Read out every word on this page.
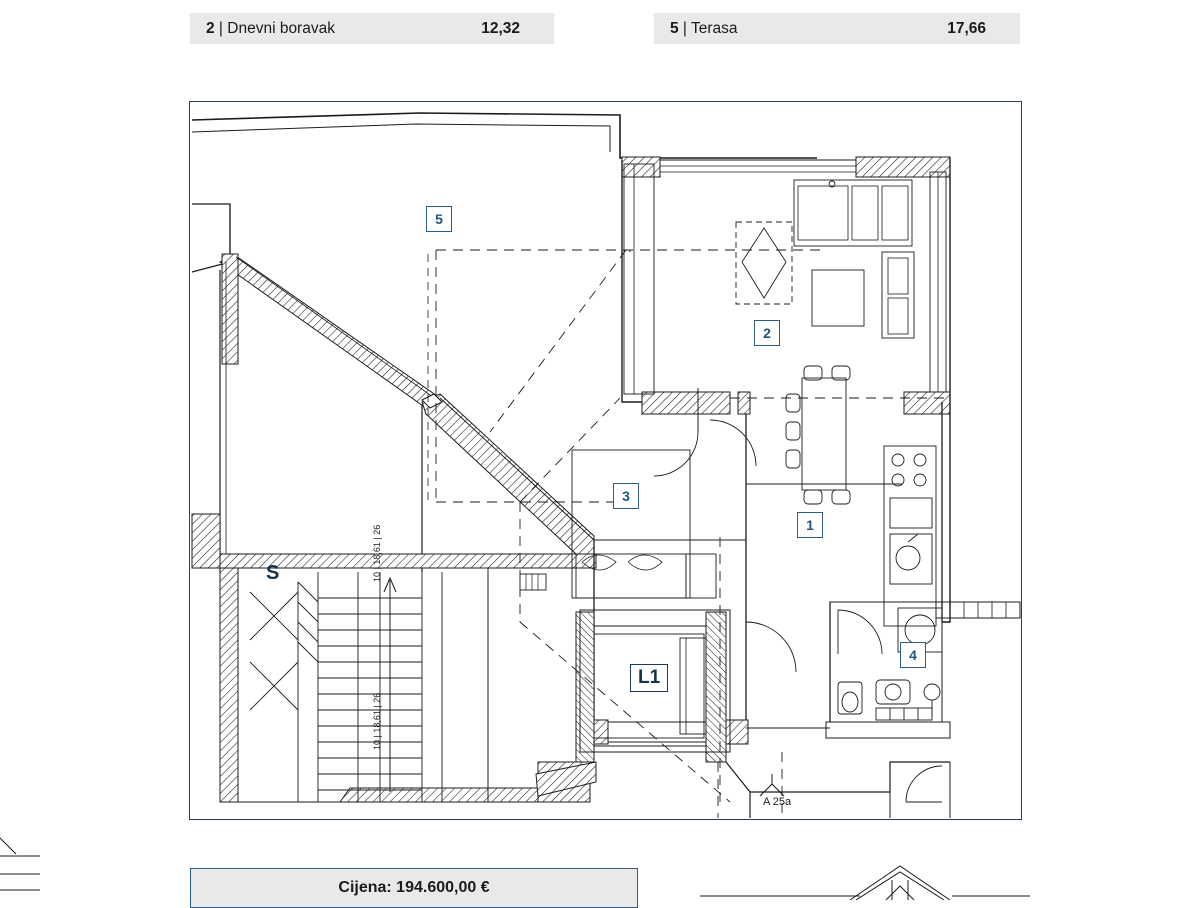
2 | Dnevni boravak	12,32	5 | Terasa	17,66
5
2
3
1
4
S
L1
A 25a
10 | 18,61 | 26
10 | 18,61 | 26
Cijena: 194.600,00 €
